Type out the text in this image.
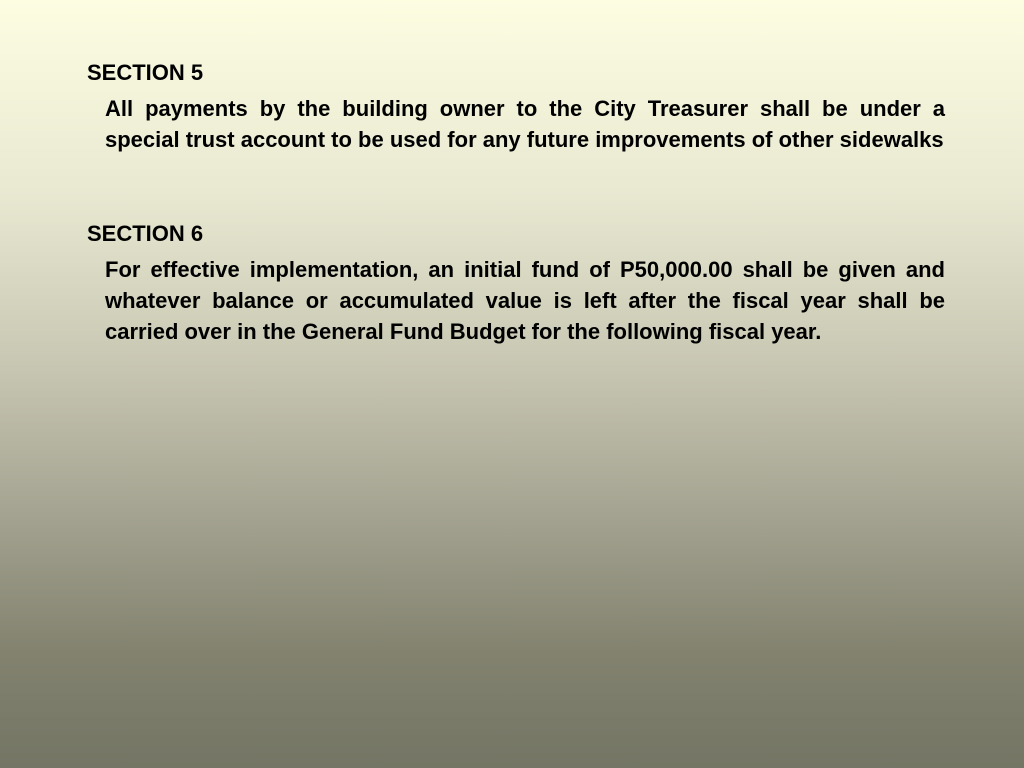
SECTION 5

All payments by the building owner to the City Treasurer shall be under a special trust account to be used for any future improvements of other sidewalks

SECTION 6

For effective implementation, an initial fund of P50,000.00 shall be given and whatever balance or accumulated value is left after the fiscal year shall be carried over in the General Fund Budget for the following fiscal year.
